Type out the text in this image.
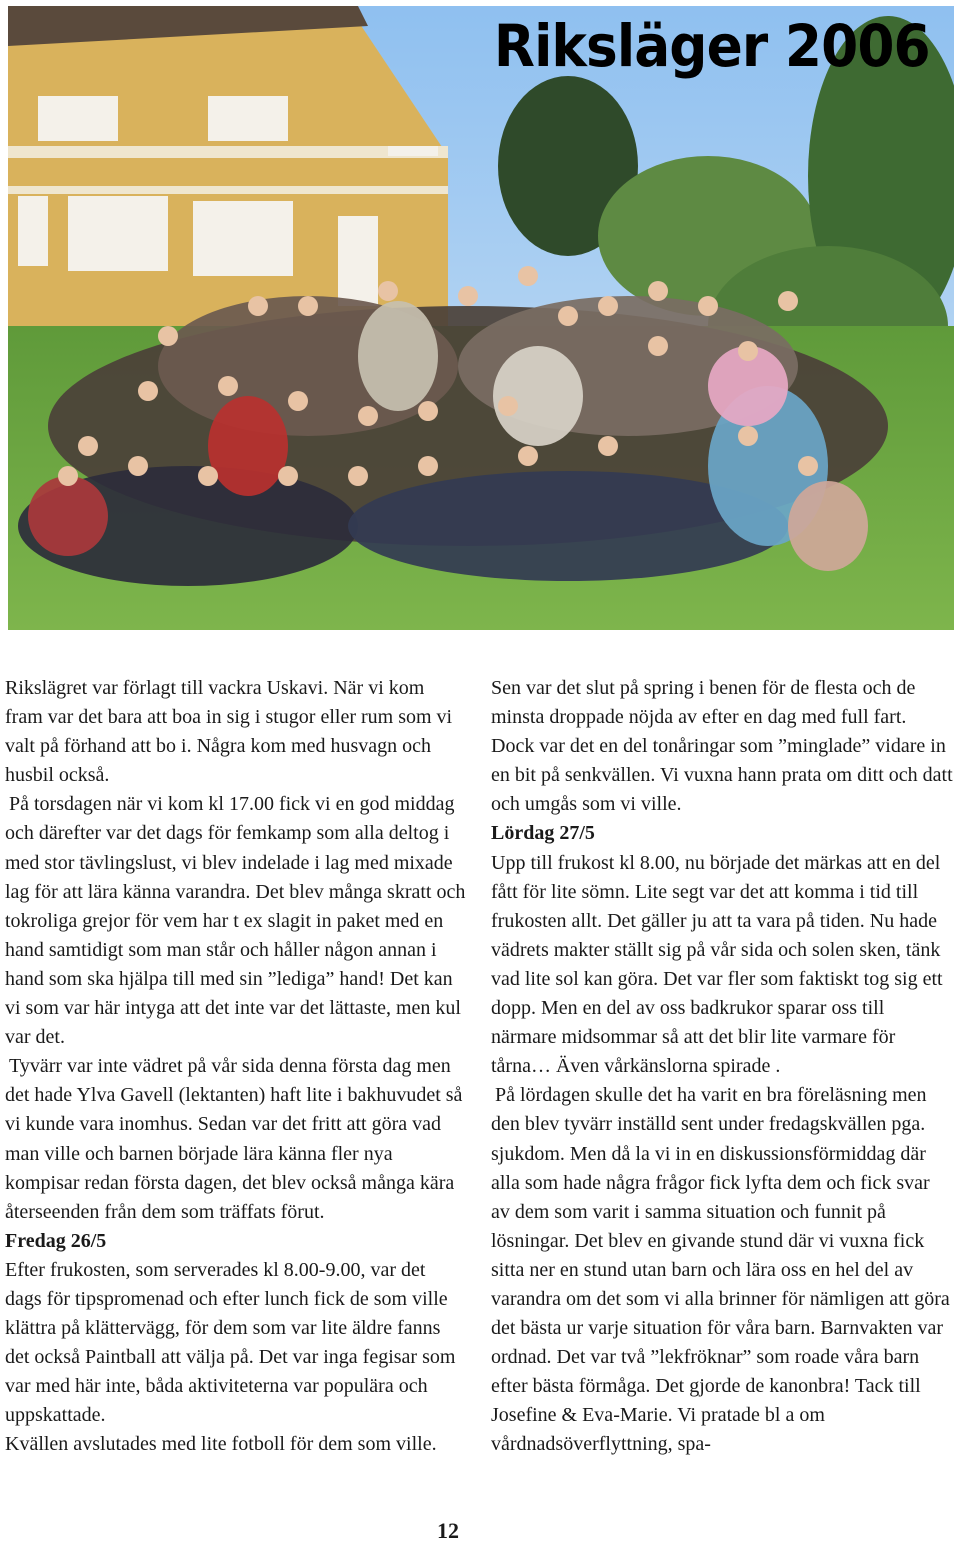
Riksläger 2006

Rikslägret var förlagt till vackra Uskavi. När vi kom fram var det bara att boa in sig i stugor eller rum som vi valt på förhand att bo i. Några kom med husvagn och husbil också.

På torsdagen när vi kom kl 17.00 fick vi en god middag och därefter var det dags för femkamp som alla deltog i med stor tävlingslust, vi blev indelade i lag med mixade lag för att lära känna varandra. Det blev många skratt och tokroliga grejor för vem har t ex slagit in paket med en hand samtidigt som man står och håller någon annan i hand som ska hjälpa till med sin ”lediga” hand! Det kan vi som var här intyga att det inte var det lättaste, men kul var det.

Tyvärr var inte vädret på vår sida denna första dag men det hade Ylva Gavell (lektanten) haft lite i bakhuvudet så vi kunde vara inomhus. Sedan var det fritt att göra vad man ville och barnen började lära känna fler nya kompisar redan första dagen, det blev också många kära återseenden från dem som träffats förut.

Fredag 26/5

Efter frukosten, som serverades kl 8.00-9.00, var det dags för tipspromenad och efter lunch fick de som ville klättra på klättervägg, för dem som var lite äldre fanns det också Paintball att välja på. Det var inga fegisar som var med här inte, båda aktiviteterna var populära och uppskattade.

Kvällen avslutades med lite fotboll för dem som ville.

Sen var det slut på spring i benen för de flesta och de minsta droppade nöjda av efter en dag med full fart. Dock var det en del tonåringar som ”minglade” vidare in en bit på senkvällen. Vi vuxna hann prata om ditt och datt och umgås som vi ville.

Lördag 27/5

Upp till frukost kl 8.00, nu började det märkas att en del fått för lite sömn. Lite segt var det att komma i tid till frukosten allt. Det gäller ju att ta vara på tiden. Nu hade vädrets makter ställt sig på vår sida och solen sken, tänk vad lite sol kan göra. Det var fler som faktiskt tog sig ett dopp. Men en del av oss badkrukor sparar oss till närmare midsommar så att det blir lite varmare för tårna… Även vårkänslorna spirade .

På lördagen skulle det ha varit en bra föreläsning men den blev tyvärr inställd sent under fredagskvällen pga. sjukdom. Men då la vi in en diskussionsförmiddag där alla som hade några frågor fick lyfta dem och fick svar av dem som varit i samma situation och funnit på lösningar. Det blev en givande stund där vi vuxna fick sitta ner en stund utan barn och lära oss en hel del av varandra om det som vi alla brinner för nämligen att göra det bästa ur varje situation för våra barn. Barnvakten var ordnad. Det var två ”lekfröknar” som roade våra barn efter bästa förmåga. Det gjorde de kanonbra! Tack till Josefine & Eva-Marie. Vi pratade bl a om vårdnadsöverflyttning, spa-

12
